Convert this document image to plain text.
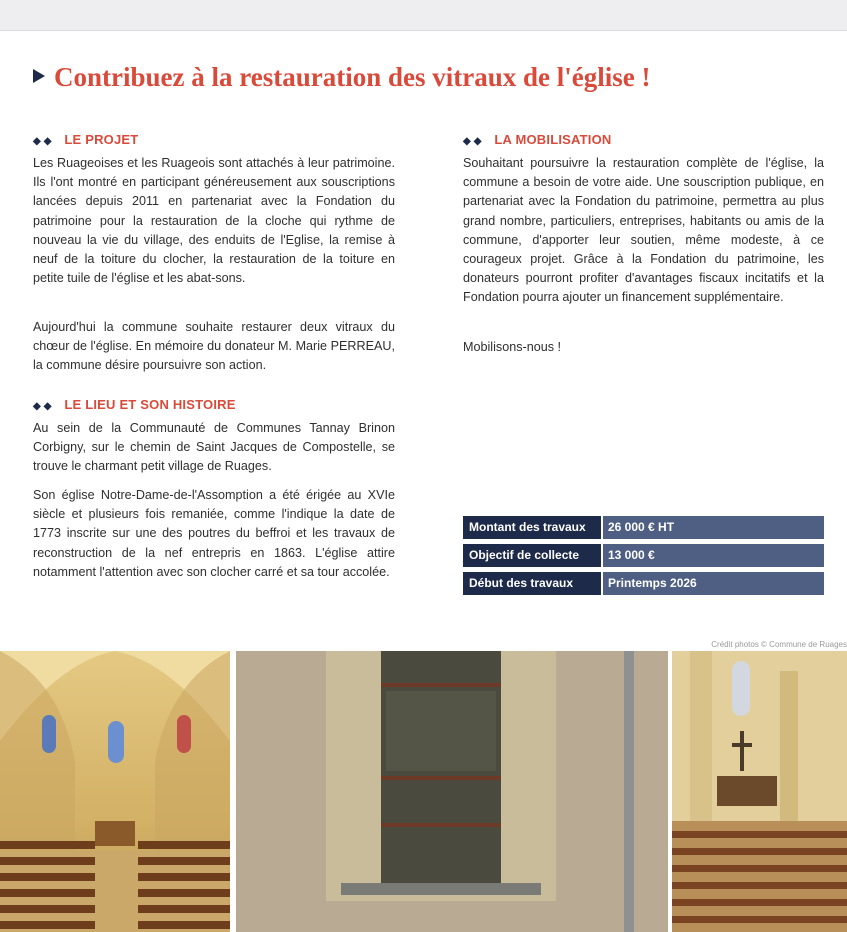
Contribuez à la restauration des vitraux de l'église !
◆◆ LE PROJET

Les Ruageoises et les Ruageois sont attachés à leur patrimoine. Ils l'ont montré en participant généreusement aux souscriptions lancées depuis 2011 en partenariat avec la Fondation du patrimoine pour la restauration de la cloche qui rythme de nouveau la vie du village, des enduits de l'Eglise, la remise à neuf de la toiture du clocher, la restauration de la toiture en petite tuile de l'église et les abat-sons.

Aujourd'hui la commune souhaite restaurer deux vitraux du chœur de l'église. En mémoire du donateur M. Marie PERREAU, la commune désire poursuivre son action.

◆◆ LE LIEU ET SON HISTOIRE

Au sein de la Communauté de Communes Tannay Brinon Corbigny, sur le chemin de Saint Jacques de Compostelle, se trouve le charmant petit village de Ruages.

Son église Notre-Dame-de-l'Assomption a été érigée au XVIe siècle et plusieurs fois remaniée, comme l'indique la date de 1773 inscrite sur une des poutres du beffroi et les travaux de reconstruction de la nef entrepris en 1863. L'église attire notamment l'attention avec son clocher carré et sa tour accolée.

◆◆ LA MOBILISATION

Souhaitant poursuivre la restauration complète de l'église, la commune a besoin de votre aide. Une souscription publique, en partenariat avec la Fondation du patrimoine, permettra au plus grand nombre, particuliers, entreprises, habitants ou amis de la commune, d'apporter leur soutien, même modeste, à ce courageux projet. Grâce à la Fondation du patrimoine, les donateurs pourront profiter d'avantages fiscaux incitatifs et la Fondation pourra ajouter un financement supplémentaire.

Mobilisons-nous !

Montant des travaux	26 000 € HT
Objectif de collecte	13 000 €
Début des travaux	Printemps 2026
Crédit photos © Commune de Ruages
